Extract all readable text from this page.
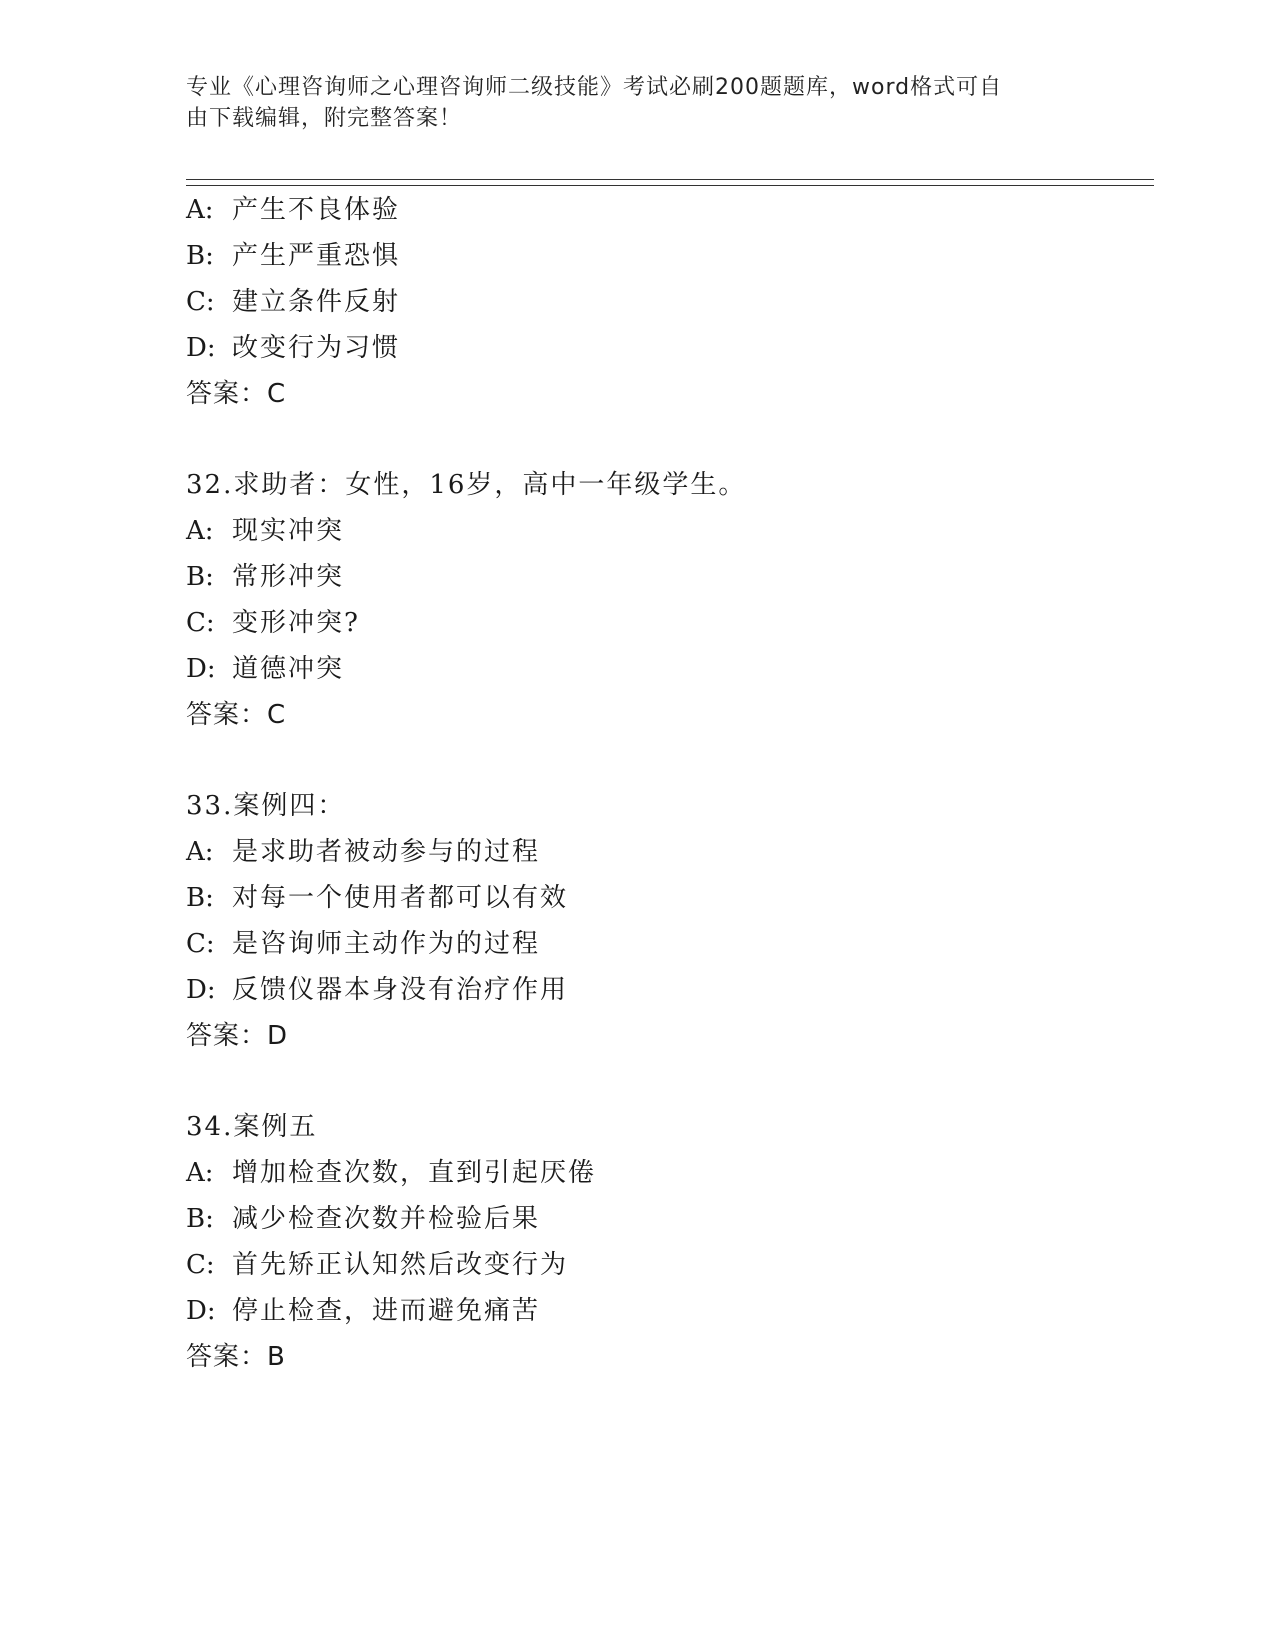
专业《心理咨询师之心理咨询师二级技能》考试必刷200题题库，word格式可自
由下载编辑，附完整答案！
A: 产生不良体验
B: 产生严重恐惧
C: 建立条件反射
D: 改变行为习惯
答案：C
32.求助者：女性，16岁，高中一年级学生。
A: 现实冲突
B: 常形冲突
C: 变形冲突?
D: 道德冲突
答案：C
33.案例四：
A: 是求助者被动参与的过程
B: 对每一个使用者都可以有效
C: 是咨询师主动作为的过程
D: 反馈仪器本身没有治疗作用
答案：D
34.案例五
A: 增加检查次数，直到引起厌倦
B: 减少检查次数并检验后果
C: 首先矫正认知然后改变行为
D: 停止检查，进而避免痛苦
答案：B
